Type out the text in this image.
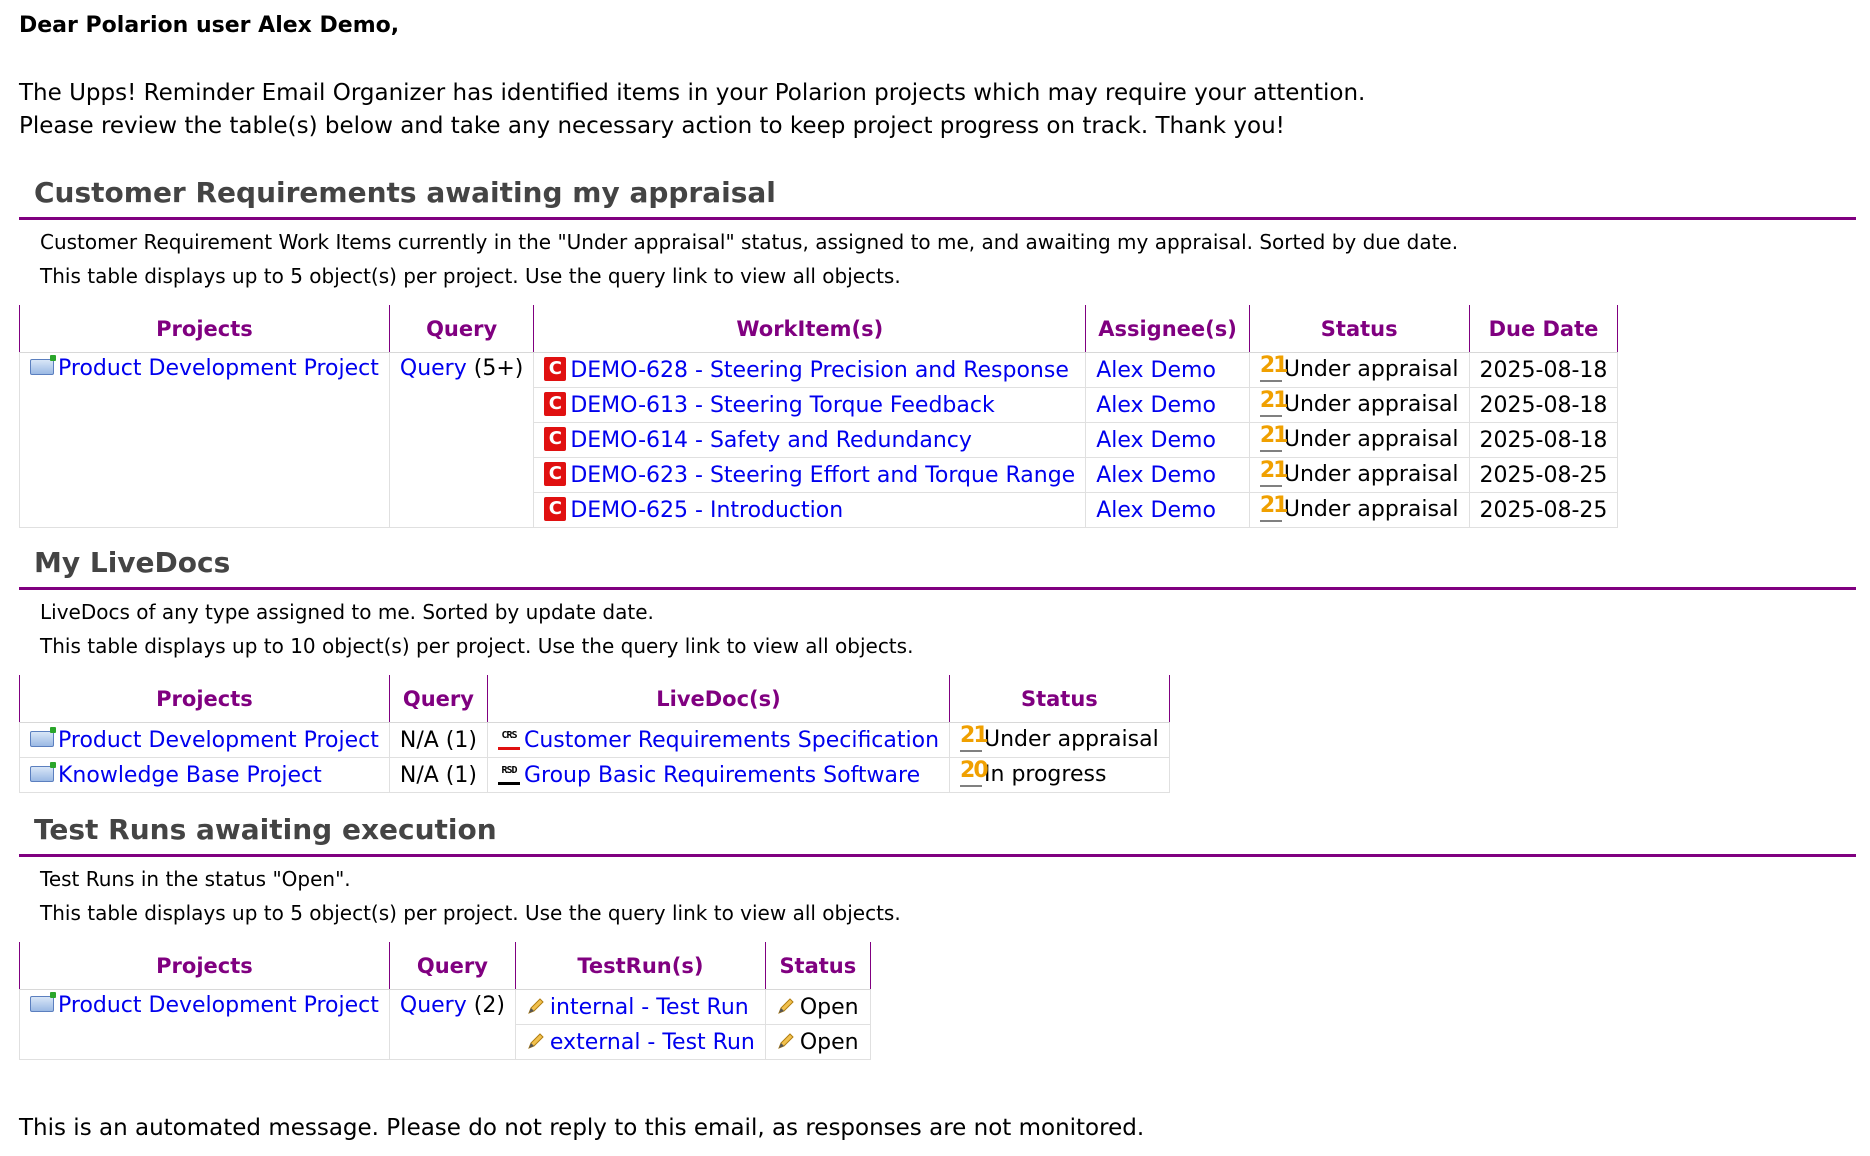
Dear Polarion user Alex Demo,
The Upps! Reminder Email Organizer has identified items in your Polarion projects which may require your attention.
Please review the table(s) below and take any necessary action to keep project progress on track. Thank you!
Customer Requirements awaiting my appraisal
Customer Requirement Work Items currently in the "Under appraisal" status, assigned to me, and awaiting my appraisal. Sorted by due date.
This table displays up to 5 object(s) per project. Use the query link to view all objects.
Projects	Query	WorkItem(s)	Assignee(s)	Status	Due Date
Product Development Project	Query (5+)	C DEMO-628 - Steering Precision and Response	Alex Demo	21Under appraisal	2025-08-18
		C DEMO-613 - Steering Torque Feedback	Alex Demo	21Under appraisal	2025-08-18
		C DEMO-614 - Safety and Redundancy	Alex Demo	21Under appraisal	2025-08-18
		C DEMO-623 - Steering Effort and Torque Range	Alex Demo	21Under appraisal	2025-08-25
		C DEMO-625 - Introduction	Alex Demo	21Under appraisal	2025-08-25
My LiveDocs
LiveDocs of any type assigned to me. Sorted by update date.
This table displays up to 10 object(s) per project. Use the query link to view all objects.
Projects	Query	LiveDoc(s)	Status
Product Development Project	N/A (1)	CRS Customer Requirements Specification	21Under appraisal
Knowledge Base Project	N/A (1)	RSD Group Basic Requirements Software	20In progress
Test Runs awaiting execution
Test Runs in the status "Open".
This table displays up to 5 object(s) per project. Use the query link to view all objects.
Projects	Query	TestRun(s)	Status
Product Development Project	Query (2)	internal - Test Run	Open
		external - Test Run	Open
This is an automated message. Please do not reply to this email, as responses are not monitored.
